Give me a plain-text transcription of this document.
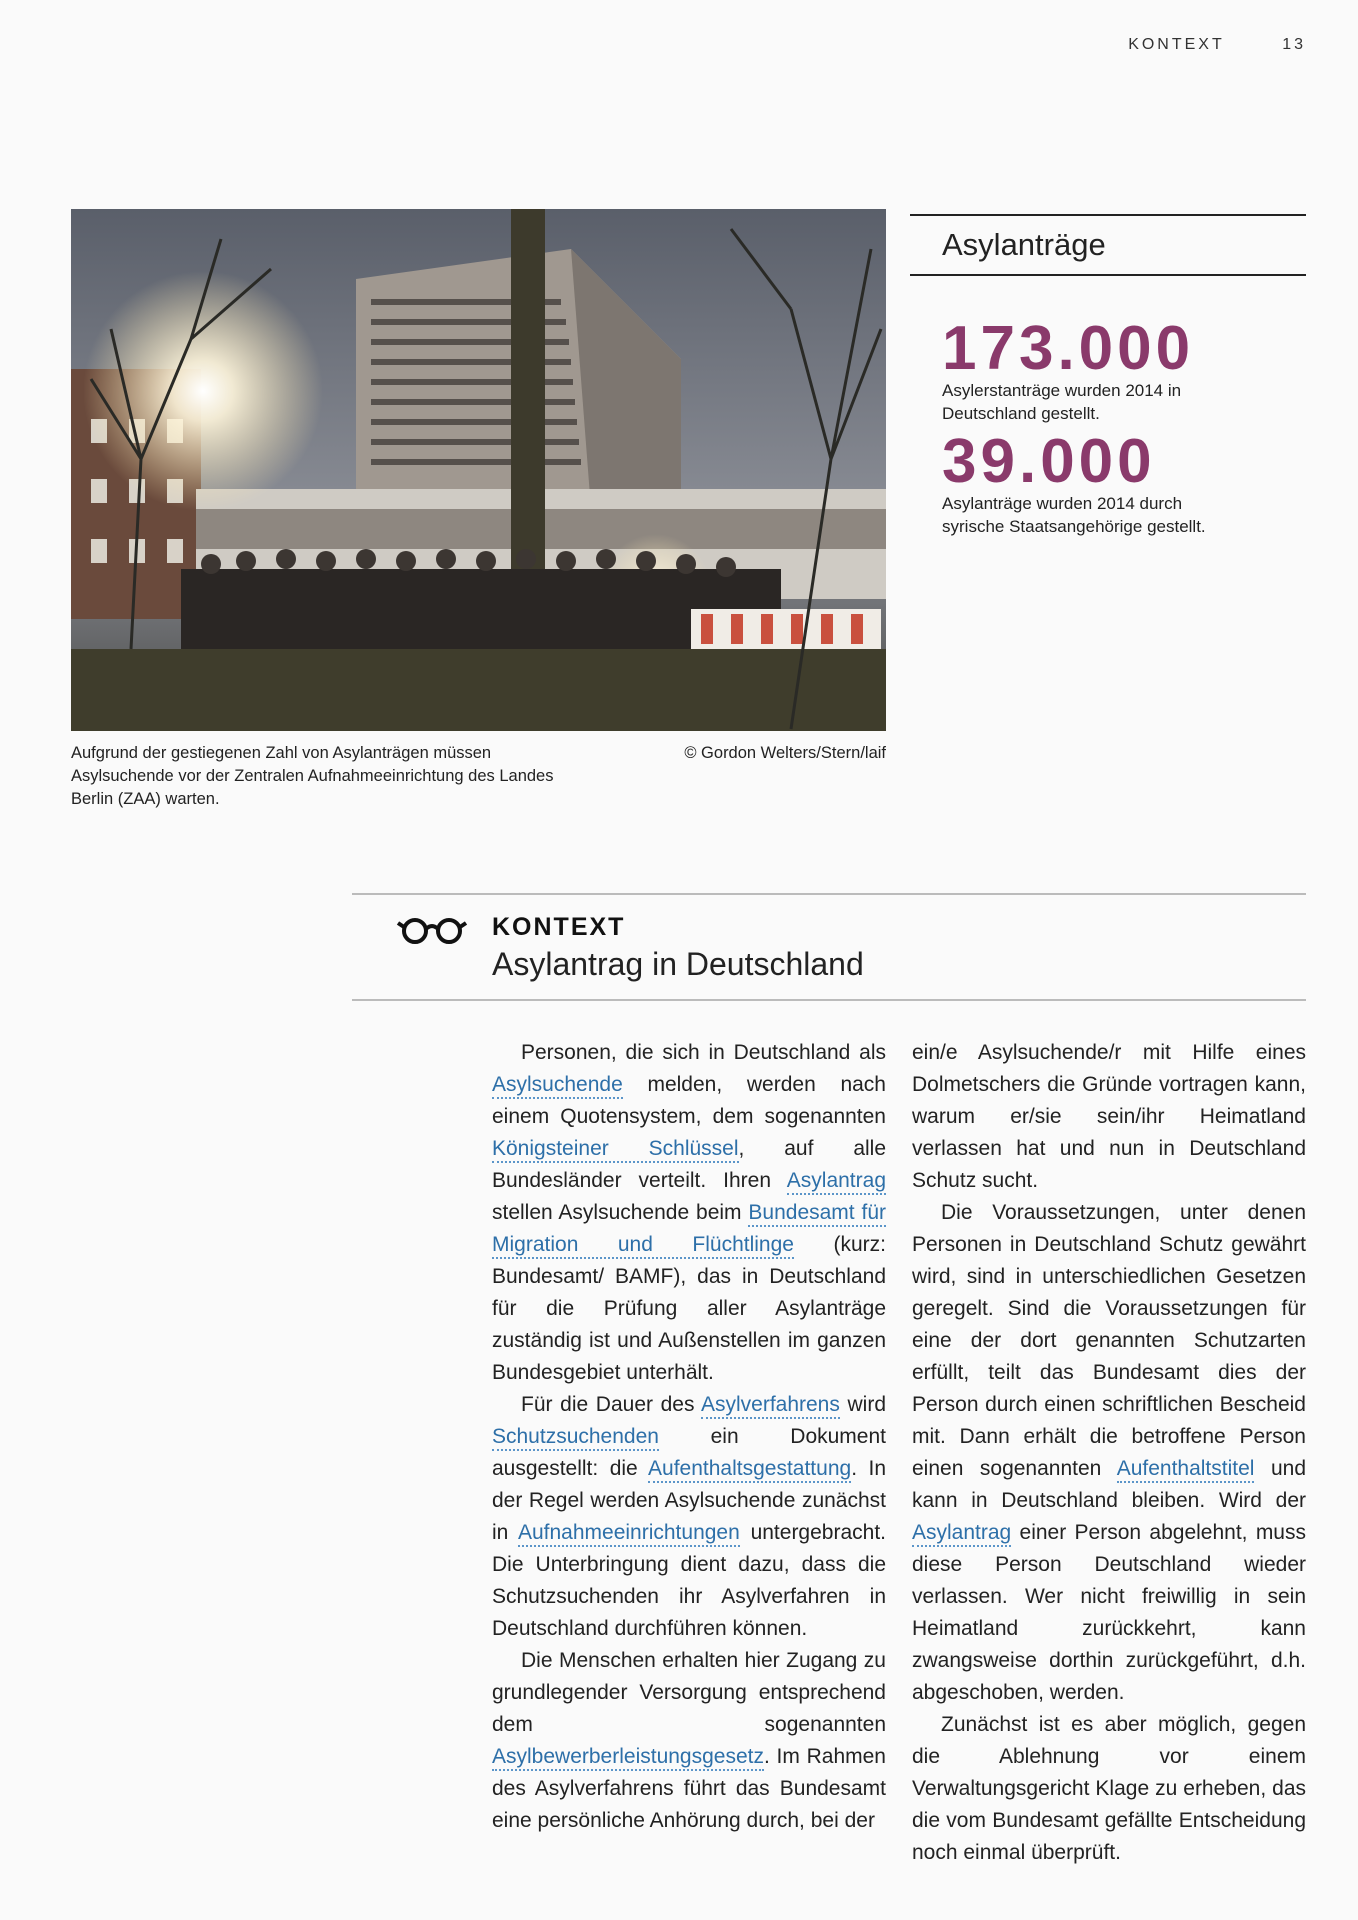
KONTEXT	13
Aufgrund der gestiegenen Zahl von Asylanträgen müssen Asylsuchende vor der Zentralen Aufnahmeeinrichtung des Landes Berlin (ZAA) warten.
© Gordon Welters/Stern/laif
Asylanträge
173.000
Asylerstanträge wurden 2014 in
Deutschland gestellt.
39.000
Asylanträge wurden 2014 durch
syrische Staatsangehörige gestellt.
KONTEXT
Asylantrag in Deutschland

Personen, die sich in Deutschland als Asylsuchende melden, werden nach einem Quotensystem, dem sogenannten Königsteiner Schlüssel, auf alle Bundesländer verteilt. Ihren Asylantrag stellen Asylsuchende beim Bundesamt für Migration und Flüchtlinge (kurz: Bundesamt/ BAMF), das in Deutschland für die Prüfung aller Asylanträge zuständig ist und Außenstellen im ganzen Bundesgebiet unterhält.

Für die Dauer des Asylverfahrens wird Schutzsuchenden ein Dokument ausgestellt: die Aufenthaltsgestattung. In der Regel werden Asylsuchende zunächst in Aufnahmeeinrichtungen untergebracht. Die Unterbringung dient dazu, dass die Schutzsuchenden ihr Asylverfahren in Deutschland durchführen können.

Die Menschen erhalten hier Zugang zu grundlegender Versorgung entsprechend dem sogenannten Asylbewerberleistungsgesetz. Im Rahmen des Asylverfahrens führt das Bundesamt eine persönliche Anhörung durch, bei der

ein/e Asylsuchende/r mit Hilfe eines Dolmetschers die Gründe vortragen kann, warum er/sie sein/ihr Heimatland verlassen hat und nun in Deutschland Schutz sucht.

Die Voraussetzungen, unter denen Personen in Deutschland Schutz gewährt wird, sind in unterschiedlichen Gesetzen geregelt. Sind die Voraussetzungen für eine der dort genannten Schutzarten erfüllt, teilt das Bundesamt dies der Person durch einen schriftlichen Bescheid mit. Dann erhält die betroffene Person einen sogenannten Aufenthaltstitel und kann in Deutschland bleiben. Wird der Asylantrag einer Person abgelehnt, muss diese Person Deutschland wieder verlassen. Wer nicht freiwillig in sein Heimatland zurückkehrt, kann zwangsweise dorthin zurückgeführt, d.h. abgeschoben, werden.

Zunächst ist es aber möglich, gegen die Ablehnung vor einem Verwaltungsgericht Klage zu erheben, das die vom Bundesamt gefällte Entscheidung noch einmal überprüft.
